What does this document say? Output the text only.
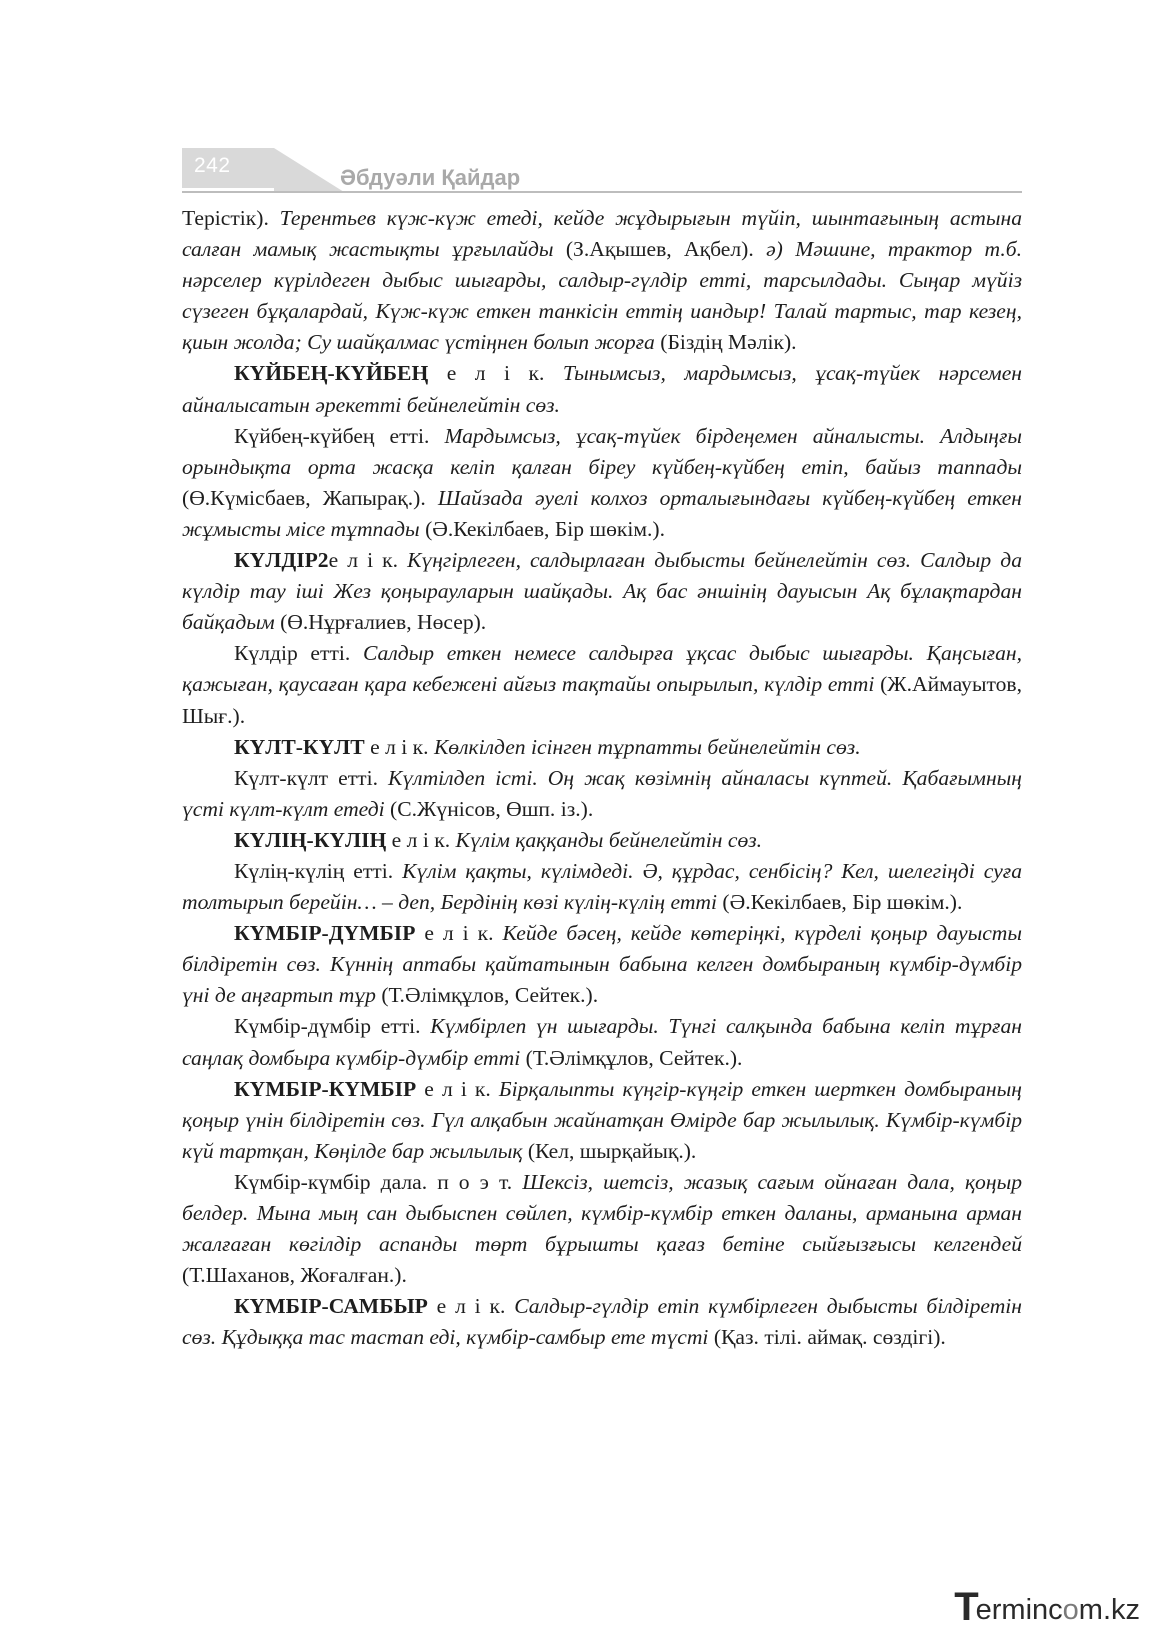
242	Әбдуәли Қайдар

Терістік). Терентьев күж-күж етеді, кейде жұдырығын түйіп, шынтағының астына салған мамық жастықты ұрғылайды (З.Ақышев, Ақбел). ә) Мәшине, трактор т.б. нәрселер күрілдеген дыбыс шығарды, салдыр-гүлдір етті, тарсылдады. Сыңар мүйіз сүзеген бұқалардай, Күж-күж еткен танкісін еттің иандыр! Талай тартыс, тар кезең, қиын жолда; Су шайқалмас үстіңнен болып жорға (Біздің Мәлік).

КҮЙБЕҢ-КҮЙБЕҢ е л і к. Тынымсыз, мардымсыз, ұсақ-түйек нәрсемен айналысатын әрекетті бейнелейтін сөз.

Күйбең-күйбең етті. Мардымсыз, ұсақ-түйек бірдеңемен айналысты. Алдыңғы орындықта орта жасқа келіп қалған біреу күйбең-күйбең етіп, байыз таппады (Ө.Күмісбаев, Жапырақ.). Шайзада әуелі колхоз орталығындағы күйбең-күйбең еткен жұмысты місе тұтпады (Ә.Кекілбаев, Бір шөкім.).

КҮЛДІР2е л і к. Күңгірлеген, салдырлаған дыбысты бейнелейтін сөз. Салдыр да күлдір тау іші Жез қоңырауларын шайқады. Ақ бас әншінің дауысын Ақ бұлақтардан байқадым (Ө.Нұрғалиев, Нөсер).

Күлдір етті. Салдыр еткен немесе салдырға ұқсас дыбыс шығарды. Қаңсыған, қажыған, қаусаған қара кебежені айғыз тақтайы опырылып, күлдір етті (Ж.Аймауытов, Шығ.).

КҮЛТ-КҮЛТ е л і к. Көлкілдеп ісінген тұрпатты бейнелейтін сөз.

Күлт-күлт етті. Күлтілдеп істі. Оң жақ көзімнің айналасы күптей. Қабағымның үсті күлт-күлт етеді (С.Жүнісов, Өшп. із.).

КҮЛІҢ-КҮЛІҢ е л і к. Күлім қаққанды бейнелейтін сөз.

Күлің-күлің етті. Күлім қақты, күлімдеді. Ә, құрдас, сенбісің? Кел, шелегіңді суға толтырып берейін… – деп, Бердінің көзі күлің-күлің етті (Ә.Кекілбаев, Бір шөкім.).

КҮМБІР-ДҮМБІР е л і к. Кейде бәсең, кейде көтеріңкі, күрделі қоңыр дауысты білдіретін сөз. Күннің аптабы қайтатынын бабына келген домбыраның күмбір-дүмбір үні де аңғартып тұр (Т.Әлімқұлов, Сейтек.).

Күмбір-дүмбір етті. Күмбірлеп үн шығарды. Түнгі салқында бабына келіп тұрған саңлақ домбыра күмбір-дүмбір етті (Т.Әлімқұлов, Сейтек.).

КҮМБІР-КҮМБІР е л і к. Бірқалыпты күңгір-күңгір еткен шерткен домбыраның қоңыр үнін білдіретін сөз. Гүл алқабын жайнатқан Өмірде бар жылылық. Күмбір-күмбір күй тартқан, Көңілде бар жылылық (Кел, шырқайық.).

Күмбір-күмбір дала. п о э т. Шексіз, шетсіз, жазық сағым ойнаған дала, қоңыр белдер. Мына мың сан дыбыспен сөйлеп, күмбір-күмбір еткен даланы, арманына арман жалғаған көгілдір аспанды төрт бұрышты қағаз бетіне сыйғызғысы келгендей (Т.Шаханов, Жоғалған.).

КҮМБІР-САМБЫР е л і к. Салдыр-гүлдір етіп күмбірлеген дыбысты білдіретін сөз. Құдыққа тас тастап еді, күмбір-самбыр ете түсті (Қаз. тілі. аймақ. сөздігі).

T
erminc o m.kz
